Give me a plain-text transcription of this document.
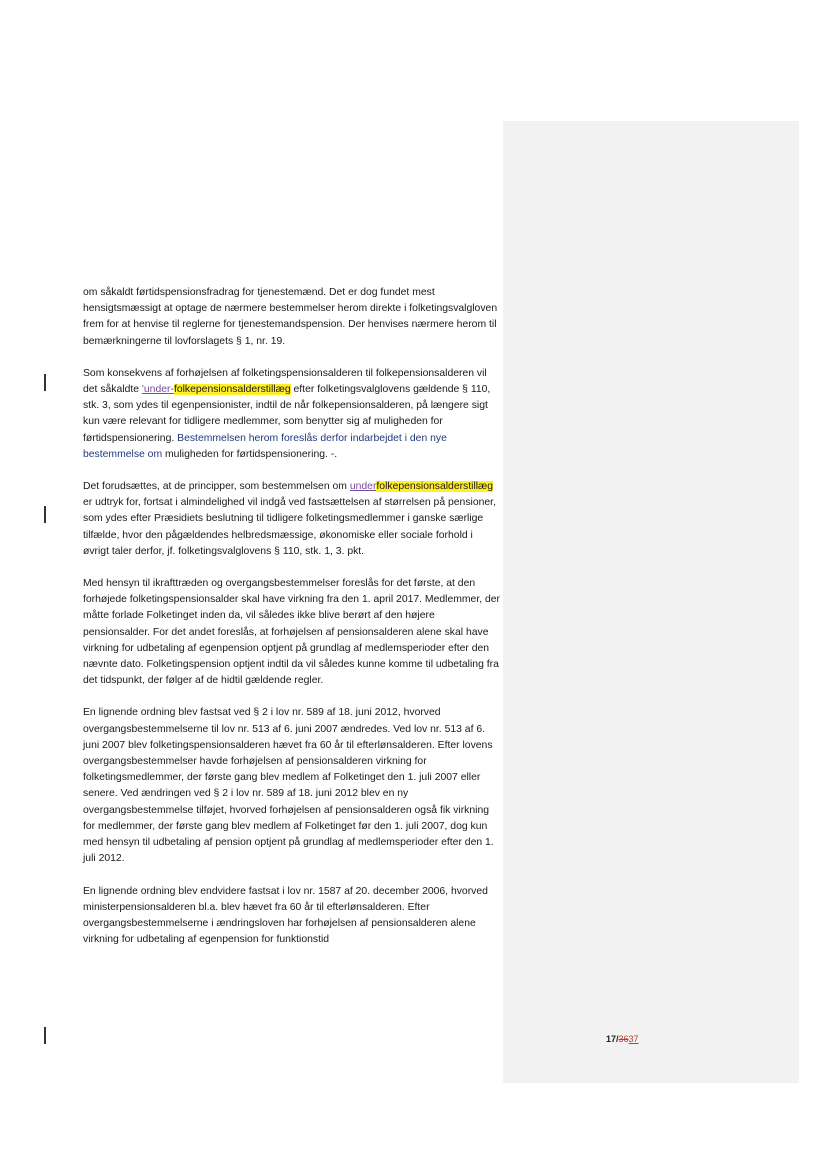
om såkaldt førtidspensionsfradrag for tjenestemænd. Det er dog fundet mest hensigtsmæssigt at optage de nærmere bestemmelser herom direkte i folketingsvalgloven frem for at henvise til reglerne for tjenestemandspension. Der henvises nærmere herom til bemærkningerne til lovforslagets § 1, nr. 19.

Som konsekvens af forhøjelsen af folketingspensionsalderen til folkepensionsalderen vil det såkaldte 'under-folkepensionsalderstillæg efter folketingsvalglovens gældende § 110, stk. 3, som ydes til egenpensionister, indtil de når folkepensionsalderen, på længere sigt kun være relevant for tidligere medlemmer, som benytter sig af muligheden for førtidspensionering. Bestemmelsen herom foreslås derfor indarbejdet i den nye bestemmelse om muligheden for førtidspensionering. -.

Det forudsættes, at de principper, som bestemmelsen om underfolkepensionsalderstillæg er udtryk for, fortsat i almindelighed vil indgå ved fastsættelsen af størrelsen på pensioner, som ydes efter Præsidiets beslutning til tidligere folketingsmedlemmer i ganske særlige tilfælde, hvor den pågældendes helbredsmæssige, økonomiske eller sociale forhold i øvrigt taler derfor, jf. folketingsvalglovens § 110, stk. 1, 3. pkt.

Med hensyn til ikrafttræden og overgangsbestemmelser foreslås for det første, at den forhøjede folketingspensionsalder skal have virkning fra den 1. april 2017. Medlemmer, der måtte forlade Folketinget inden da, vil således ikke blive berørt af den højere pensionsalder. For det andet foreslås, at forhøjelsen af pensionsalderen alene skal have virkning for udbetaling af egenpension optjent på grundlag af medlemsperioder efter den nævnte dato. Folketingspension optjent indtil da vil således kunne komme til udbetaling fra det tidspunkt, der følger af de hidtil gældende regler.

En lignende ordning blev fastsat ved § 2 i lov nr. 589 af 18. juni 2012, hvorved overgangsbestemmelserne til lov nr. 513 af 6. juni 2007 ændredes. Ved lov nr. 513 af 6. juni 2007 blev folketingspensionsalderen hævet fra 60 år til efterlønsalderen. Efter lovens overgangsbestemmelser havde forhøjelsen af pensionsalderen virkning for folketingsmedlemmer, der første gang blev medlem af Folketinget den 1. juli 2007 eller senere. Ved ændringen ved § 2 i lov nr. 589 af 18. juni 2012 blev en ny overgangsbestemmelse tilføjet, hvorved forhøjelsen af pensionsalderen også fik virkning for medlemmer, der første gang blev medlem af Folketinget før den 1. juli 2007, dog kun med hensyn til udbetaling af pension optjent på grundlag af medlemsperioder efter den 1. juli 2012.

En lignende ordning blev endvidere fastsat i lov nr. 1587 af 20. december 2006, hvorved ministerpensionsalderen bl.a. blev hævet fra 60 år til efterlønsalderen. Efter overgangsbestemmelserne i ændringsloven har forhøjelsen af pensionsalderen alene virkning for udbetaling af egenpension for funktionstid

17/3637
